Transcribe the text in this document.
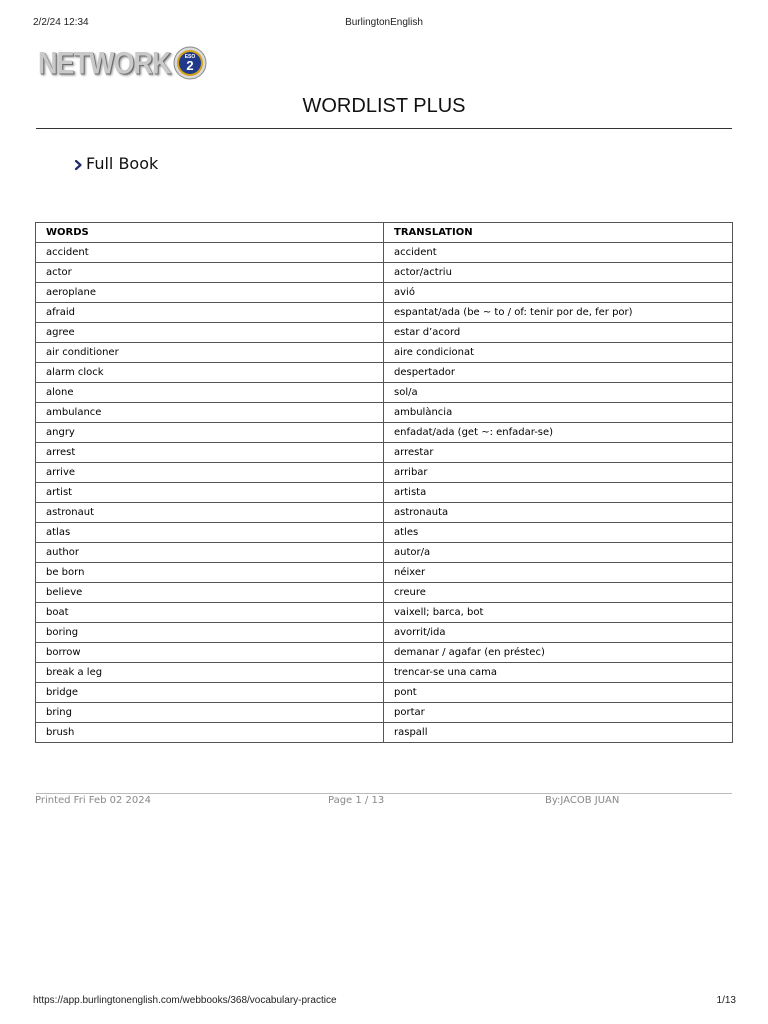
2/2/24 12:34	BurlingtonEnglish
NETWORK	ESO
2
WORDLIST PLUS
Full Book
WORDS	TRANSLATION
accident	accident
actor	actor/actriu
aeroplane	avió
afraid	espantat/ada (be ~ to / of: tenir por de, fer por)
agree	estar d’acord
air conditioner	aire condicionat
alarm clock	despertador
alone	sol/a
ambulance	ambulància
angry	enfadat/ada (get ~: enfadar-se)
arrest	arrestar
arrive	arribar
artist	artista
astronaut	astronauta
atlas	atles
author	autor/a
be born	néixer
believe	creure
boat	vaixell; barca, bot
boring	avorrit/ida
borrow	demanar / agafar (en préstec)
break a leg	trencar-se una cama
bridge	pont
bring	portar
brush	raspall
Printed Fri Feb 02 2024	Page 1 / 13	By:JACOB JUAN
https://app.burlingtonenglish.com/webbooks/368/vocabulary-practice	1/13
